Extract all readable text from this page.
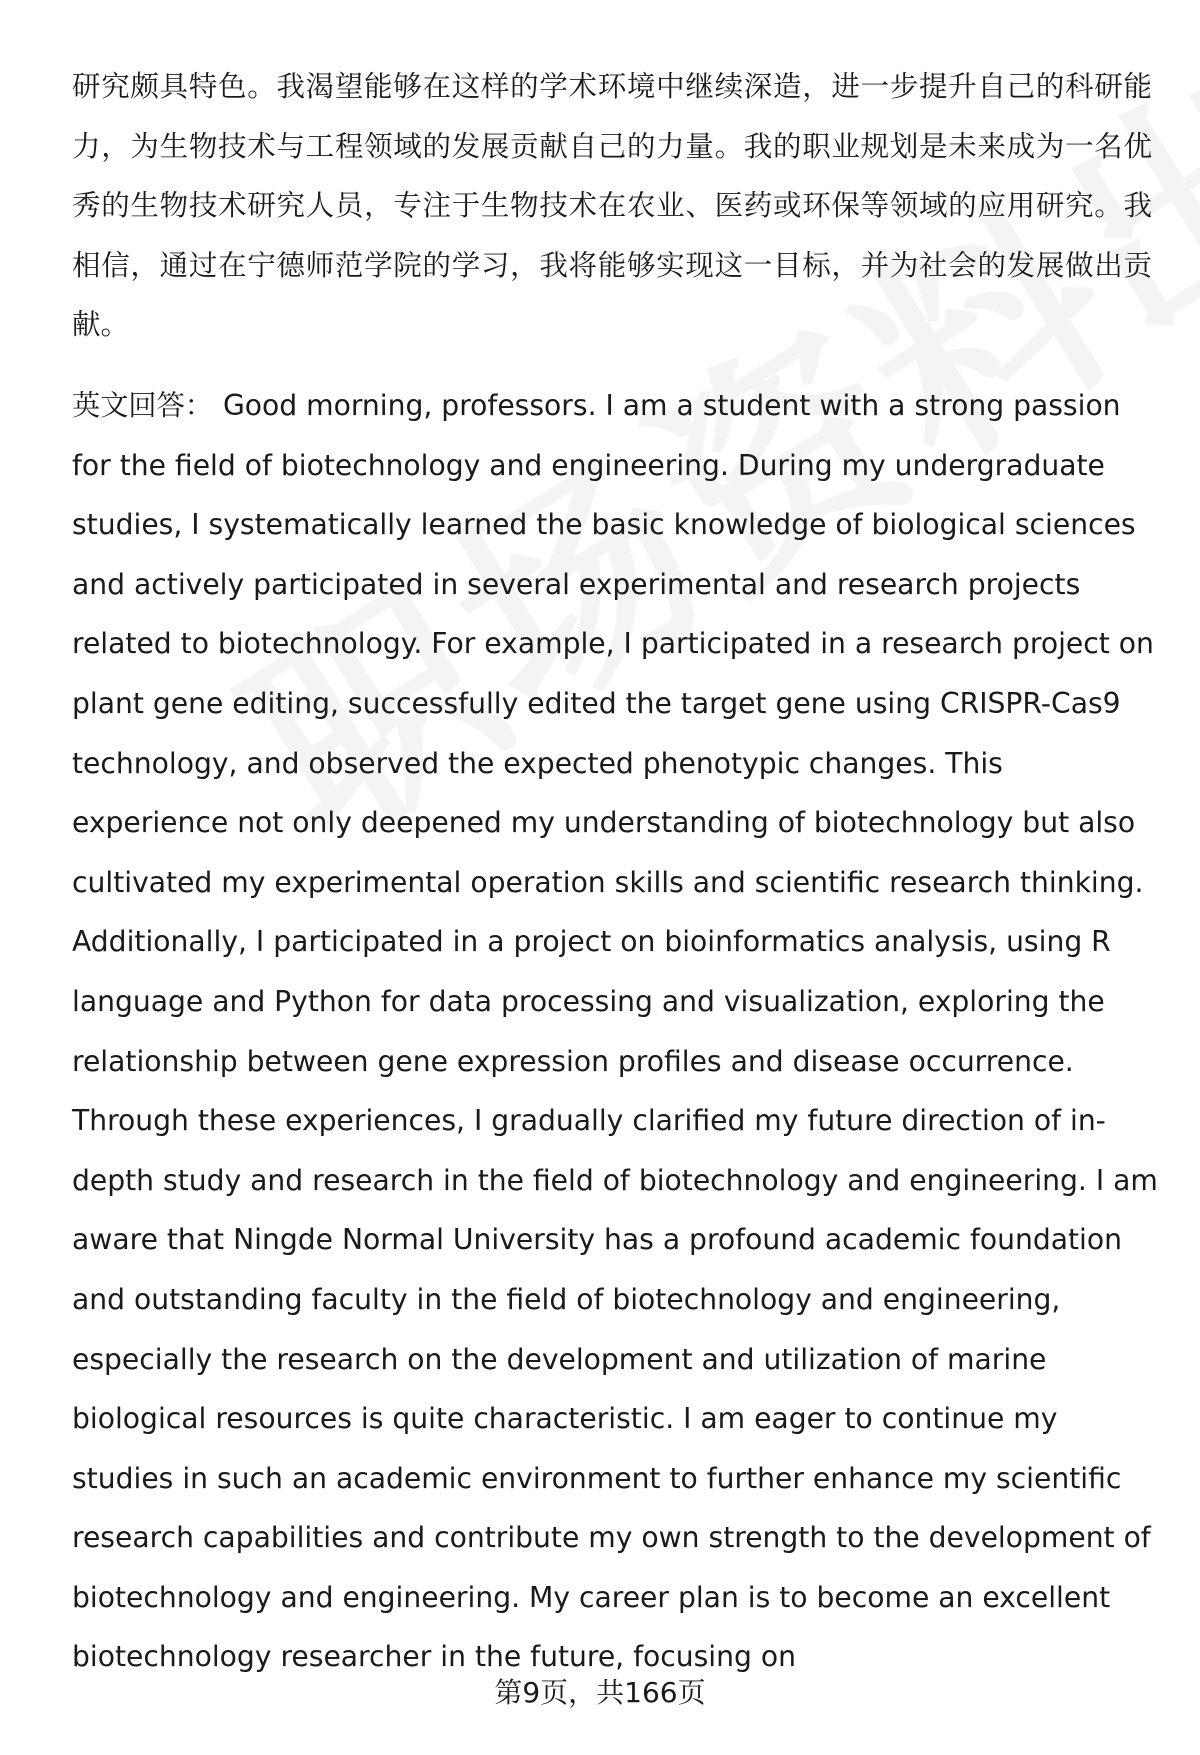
研究颇具特色。我渴望能够在这样的学术环境中继续深造，进一步提升自己的科研能力，为生物技术与工程领域的发展贡献自己的力量。我的职业规划是未来成为一名优秀的生物技术研究人员，专注于生物技术在农业、医药或环保等领域的应用研究。我相信，通过在宁德师范学院的学习，我将能够实现这一目标，并为社会的发展做出贡献。

英文回答： Good morning, professors. I am a student with a strong passion for the field of biotechnology and engineering. During my undergraduate studies, I systematically learned the basic knowledge of biological sciences and actively participated in several experimental and research projects related to biotechnology. For example, I participated in a research project on plant gene editing, successfully edited the target gene using CRISPR-Cas9 technology, and observed the expected phenotypic changes. This experience not only deepened my understanding of biotechnology but also cultivated my experimental operation skills and scientific research thinking. Additionally, I participated in a project on bioinformatics analysis, using R language and Python for data processing and visualization, exploring the relationship between gene expression profiles and disease occurrence. Through these experiences, I gradually clarified my future direction of in-depth study and research in the field of biotechnology and engineering. I am aware that Ningde Normal University has a profound academic foundation and outstanding faculty in the field of biotechnology and engineering, especially the research on the development and utilization of marine biological resources is quite characteristic. I am eager to continue my studies in such an academic environment to further enhance my scientific research capabilities and contribute my own strength to the development of biotechnology and engineering. My career plan is to become an excellent biotechnology researcher in the future, focusing on

第9页，共166页
